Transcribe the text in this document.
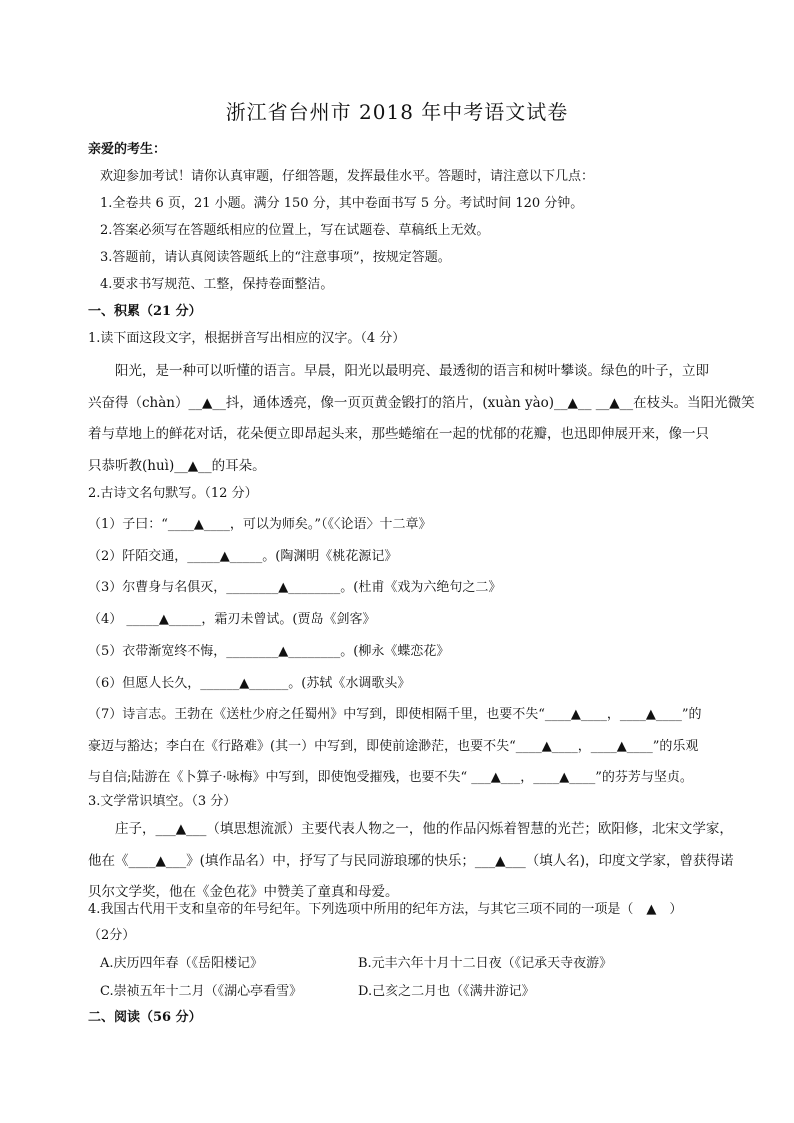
浙江省台州市 2018 年中考语文试卷
亲爱的考生：
欢迎参加考试！请你认真审题，仔细答题，发挥最佳水平。答题时，请注意以下几点：
1.全卷共 6 页，21 小题。满分 150 分，其中卷面书写 5 分。考试时间 120 分钟。
2.答案必须写在答题纸相应的位置上，写在试题卷、草稿纸上无效。
3.答题前，请认真阅读答题纸上的“注意事项”，按规定答题。
4.要求书写规范、工整，保持卷面整洁。
一、积累（21 分）
1.读下面这段文字，根据拼音写出相应的汉字。（4 分）
　　阳光，是一种可以听懂的语言。早晨，阳光以最明亮、最透彻的语言和树叶攀谈。绿色的叶子，立即
兴奋得（chàn）__▲__抖，通体透亮，像一页页黄金锻打的箔片，(xuàn yào)__▲__ __▲__在枝头。当阳光微笑
着与草地上的鲜花对话，花朵便立即昂起头来，那些蜷缩在一起的忧郁的花瓣，也迅即伸展开来，像一只
只恭听教(huì)__▲__的耳朵。
2.古诗文名句默写。（12 分）
（1）子曰：“____▲____，可以为师矣。”（《〈论语〉十二章》
（2）阡陌交通，_____▲_____。(陶渊明《桃花源记》
（3）尔曹身与名俱灭，________▲________。(杜甫《戏为六绝句之二》
（4） _____▲_____，霜刃未曾试。(贾岛《剑客》
（5）衣带渐宽终不悔，________▲________。(柳永《蝶恋花》
（6）但愿人长久，______▲______。(苏轼《水调歌头》
（7）诗言志。王勃在《送杜少府之任蜀州》中写到，即使相隔千里，也要不失“____▲____，____▲____”的
豪迈与豁达；李白在《行路难》(其一）中写到，即使前途渺茫，也要不失“____▲____，____▲____”的乐观
与自信;陆游在《卜算子·咏梅》中写到，即使饱受摧残，也要不失“ ___▲___，____▲____”的芬芳与坚贞。
3.文学常识填空。（3 分）
　　庄子，___▲___（填思想流派）主要代表人物之一，他的作品闪烁着智慧的光芒；欧阳修，北宋文学家，
他在《____▲___》(填作品名）中，抒写了与民同游琅琊的快乐；___▲___（填人名)，印度文学家，曾获得诺
贝尔文学奖，他在《金色花》中赞美了童真和母爱。
4.我国古代用干支和皇帝的年号纪年。下列选项中所用的纪年方法，与其它三项不同的一项是（　▲　）
（2分）
A.庆历四年春（《岳阳楼记》	B.元丰六年十月十二日夜（《记承天寺夜游》
C.崇祯五年十二月（《湖心亭看雪》	D.己亥之二月也（《满井游记》
二、阅读（56 分）
